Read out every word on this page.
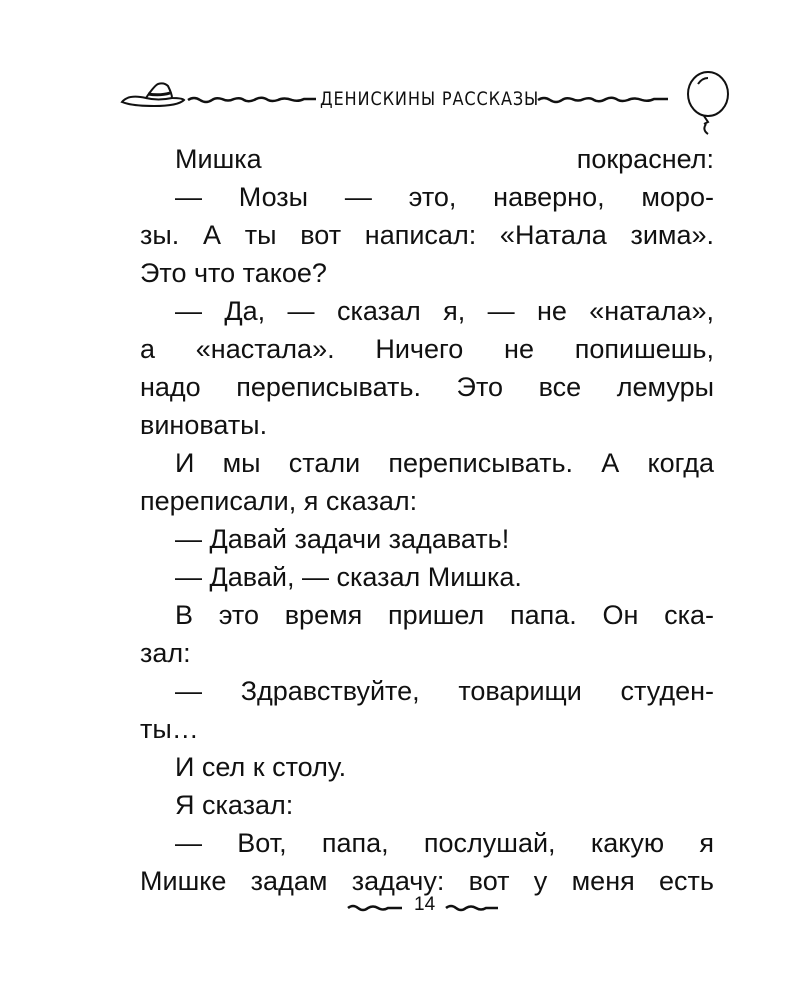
ДЕНИСКИНЫ РАССКАЗЫ
Мишка покраснел:
— Мозы — это, наверно, моро-
зы. А ты вот написал: «Натала зима».
Это что такое?
— Да, — сказал я, — не «натала»,
а «настала». Ничего не попишешь,
надо переписывать. Это все лемуры
виноваты.
И мы стали переписывать. А когда
переписали, я сказал:
— Давай задачи задавать!
— Давай, — сказал Мишка.
В это время пришел папа. Он ска-
зал:
— Здравствуйте, товарищи студен-
ты…
И сел к столу.
Я сказал:
— Вот, папа, послушай, какую я
Мишке задам задачу: вот у меня есть
14
